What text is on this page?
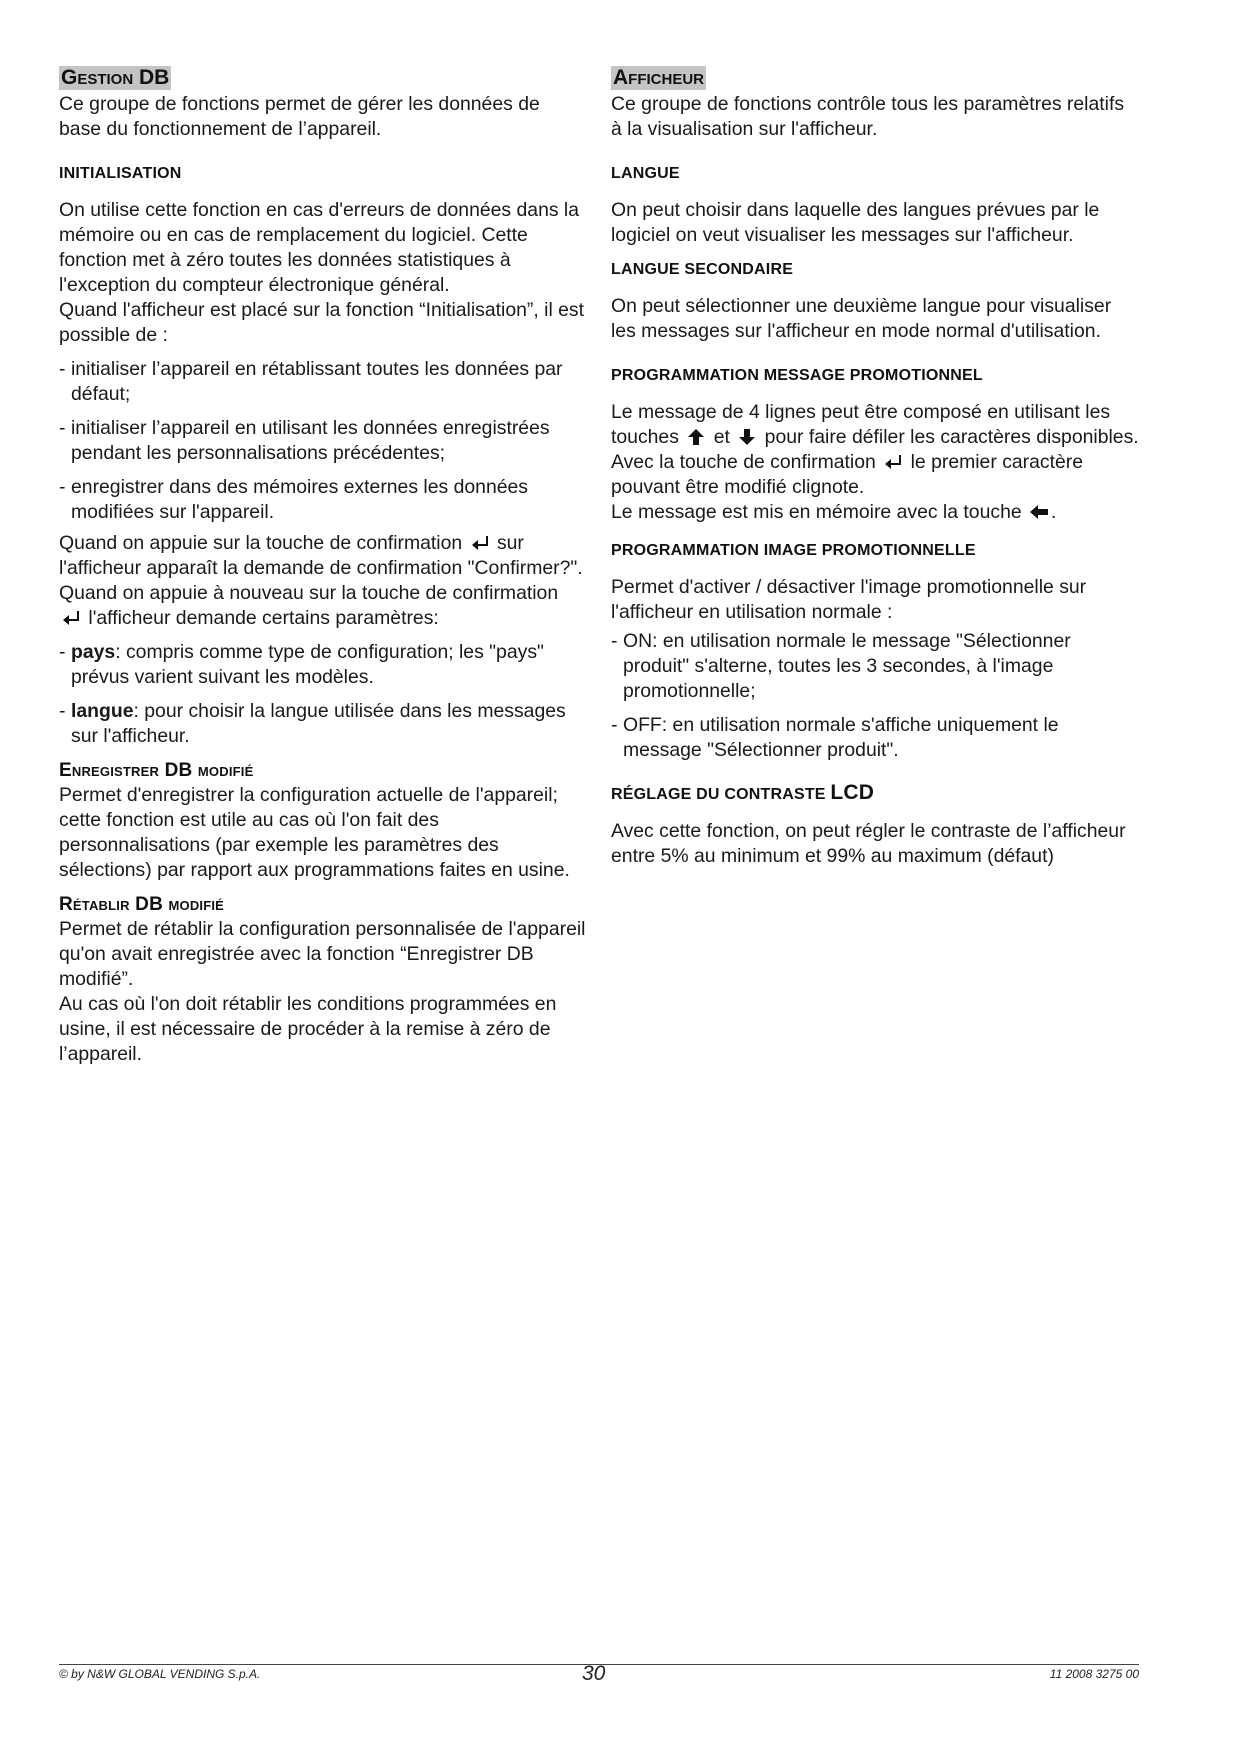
Gestion DB

Ce groupe de fonctions permet de gérer les données de base du fonctionnement de l’appareil.

INITIALISATION

On utilise cette fonction en cas d'erreurs de données dans la mémoire ou en cas de remplacement du logiciel. Cette fonction met à zéro toutes les données statistiques à l'exception du compteur électronique général.

Quand l'afficheur est placé sur la fonction “Initialisation”, il est possible de :

- initialiser l’appareil en rétablissant toutes les données par défaut;
- initialiser l’appareil en utilisant les données enregistrées pendant les personnalisations précédentes;
- enregistrer dans des mémoires externes les données modifiées sur l'appareil.

Quand on appuie sur la touche de confirmation sur l'afficheur apparaît la demande de confirmation "Confirmer?". Quand on appuie à nouveau sur la touche de confirmation
l'afficheur demande certains paramètres:

- pays: compris comme type de configuration; les "pays" prévus varient suivant les modèles.
- langue: pour choisir la langue utilisée dans les messages sur l'afficheur.
Enregistrer DB modifié

Permet d'enregistrer la configuration actuelle de l'appareil; cette fonction est utile au cas où l'on fait des personnalisations (par exemple les paramètres des sélections) par rapport aux programmations faites en usine.

Rétablir DB modifié

Permet de rétablir la configuration personnalisée de l'appareil qu'on avait enregistrée avec la fonction “Enregistrer DB modifié”.

Au cas où l'on doit rétablir les conditions programmées en usine, il est nécessaire de procéder à la remise à zéro de l’appareil.

Afficheur

Ce groupe de fonctions contrôle tous les paramètres relatifs à la visualisation sur l'afficheur.

LANGUE

On peut choisir dans laquelle des langues prévues par le logiciel on veut visualiser les messages sur l'afficheur.

LANGUE SECONDAIRE

On peut sélectionner une deuxième langue pour visualiser les messages sur l'afficheur en mode normal d'utilisation.

PROGRAMMATION MESSAGE PROMOTIONNEL

Le message de 4 lignes peut être composé en utilisant les touches et pour faire défiler les caractères disponibles.

Avec la touche de confirmation le premier caractère pouvant être modifié clignote.

Le message est mis en mémoire avec la touche .

PROGRAMMATION IMAGE PROMOTIONNELLE

Permet d'activer / désactiver l'image promotionnelle sur l'afficheur en utilisation normale :

- ON: en utilisation normale le message "Sélectionner produit" s'alterne, toutes les 3 secondes, à l'image promotionnelle;
- OFF: en utilisation normale s'affiche uniquement le message "Sélectionner produit".
RÉGLAGE DU CONTRASTE LCD

Avec cette fonction, on peut régler le contraste de l’afficheur entre 5% au minimum et 99% au maximum (défaut)

© by N&W GLOBAL VENDING S.p.A.	30	11 2008 3275 00
